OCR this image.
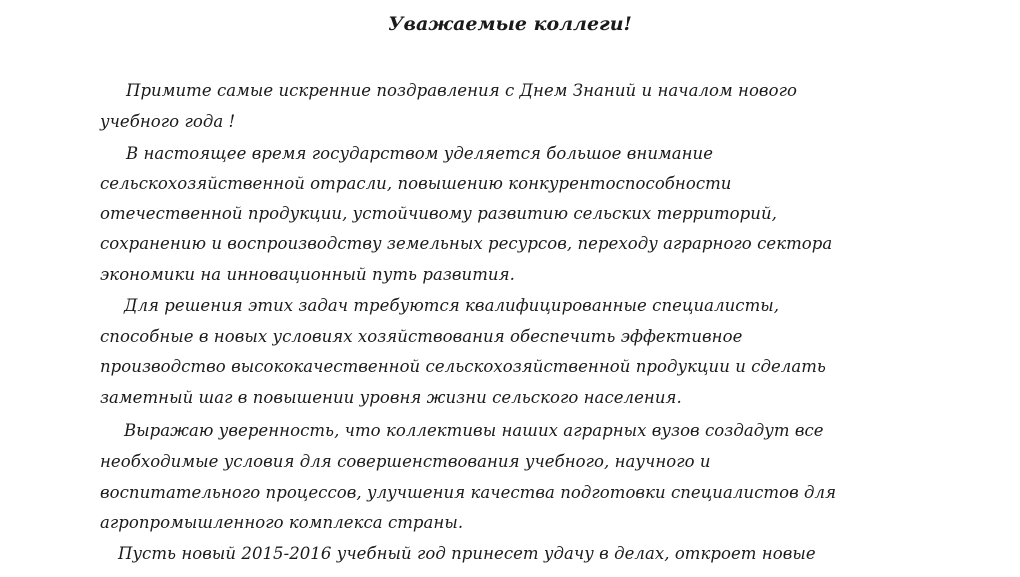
Уважаемые коллеги!

Примите самые искренние поздравления с Днем Знаний и началом нового

учебного года !

В настоящее время государством уделяется большое внимание

сельскохозяйственной отрасли, повышению конкурентоспособности

отечественной продукции, устойчивому развитию сельских территорий,

сохранению и воспроизводству земельных ресурсов, переходу аграрного сектора

экономики на инновационный путь развития.

Для решения этих задач требуются квалифицированные специалисты,

способные в новых условиях хозяйствования обеспечить эффективное

производство высококачественной сельскохозяйственной продукции и сделать

заметный шаг в повышении уровня жизни сельского населения.

Выражаю уверенность, что коллективы наших аграрных вузов создадут все

необходимые условия для совершенствования учебного, научного и

воспитательного процессов, улучшения качества подготовки специалистов для

агропромышленного комплекса страны.

Пусть новый 2015-2016 учебный год принесет удачу в делах, откроет новые
